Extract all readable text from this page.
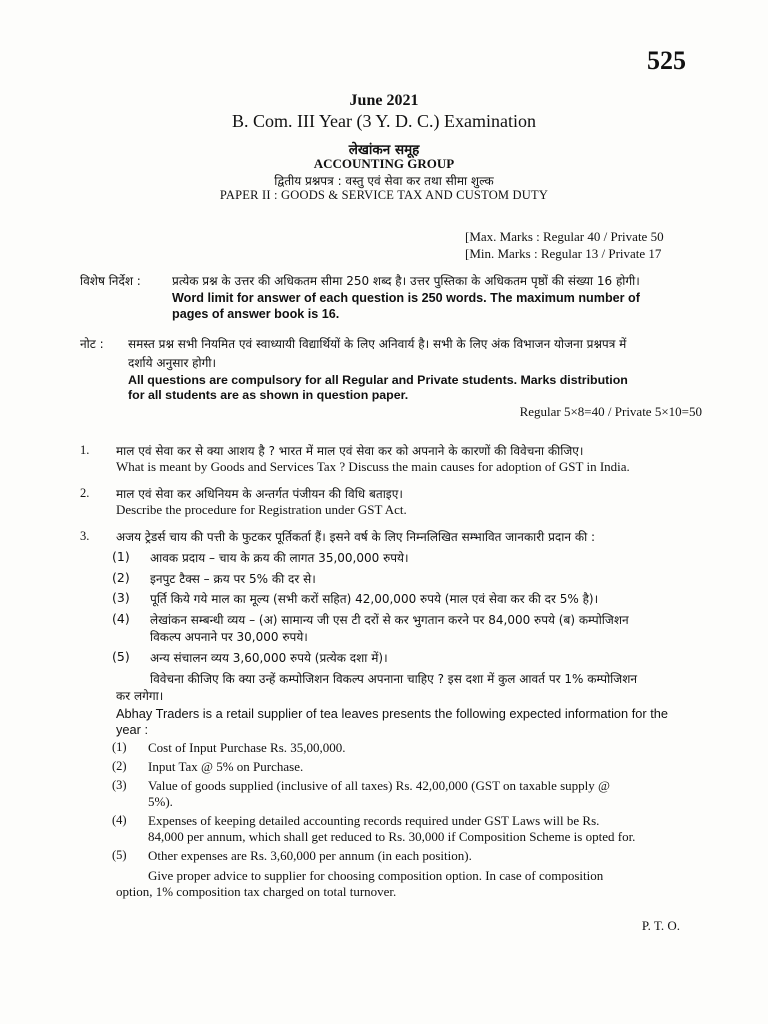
525
June 2021
B. Com. III Year (3 Y. D. C.) Examination
लेखांकन समूह
ACCOUNTING GROUP
द्वितीय प्रश्नपत्र : वस्तु एवं सेवा कर तथा सीमा शुल्क
PAPER II : GOODS & SERVICE TAX AND CUSTOM DUTY
[Max. Marks : Regular 40 / Private 50
[Min. Marks : Regular 13 / Private 17
विशेष निर्देश :	प्रत्येक प्रश्न के उत्तर की अधिकतम सीमा 250 शब्द है। उत्तर पुस्तिका के अधिकतम पृष्ठों की संख्या 16 होगी।
Word limit for answer of each question is 250 words. The maximum number of
pages of answer book is 16.
नोट : समस्त प्रश्न सभी नियमित एवं स्वाध्यायी विद्यार्थियों के लिए अनिवार्य है। सभी के लिए अंक विभाजन योजना प्रश्नपत्र में
दर्शाये अनुसार होगी।
All questions are compulsory for all Regular and Private students. Marks distribution
for all students are as shown in question paper.
Regular 5×8=40 / Private 5×10=50
1. माल एवं सेवा कर से क्या आशय है ? भारत में माल एवं सेवा कर को अपनाने के कारणों की विवेचना कीजिए।
What is meant by Goods and Services Tax ? Discuss the main causes for adoption of GST in India.
2. माल एवं सेवा कर अधिनियम के अन्तर्गत पंजीयन की विधि बताइए।
Describe the procedure for Registration under GST Act.
3. अजय ट्रेडर्स चाय की पत्ती के फुटकर पूर्तिकर्ता हैं। इसने वर्ष के लिए निम्नलिखित सम्भावित जानकारी प्रदान की :
(1) आवक प्रदाय – चाय के क्रय की लागत 35,00,000 रुपये।
(2) इनपुट टैक्स – क्रय पर 5% की दर से।
(3) पूर्ति किये गये माल का मूल्य (सभी करों सहित) 42,00,000 रुपये (माल एवं सेवा कर की दर 5% है)।
(4) लेखांकन सम्बन्धी व्यय – (अ) सामान्य जी एस टी दरों से कर भुगतान करने पर 84,000 रुपये (ब) कम्पोजिशन
विकल्प अपनाने पर 30,000 रुपये।
(5) अन्य संचालन व्यय 3,60,000 रुपये (प्रत्येक दशा में)।
विवेचना कीजिए कि क्या उन्हें कम्पोजिशन विकल्प अपनाना चाहिए ? इस दशा में कुल आवर्त पर 1% कम्पोजिशन
कर लगेगा।
Abhay Traders is a retail supplier of tea leaves presents the following expected information for the
year :
(1) Cost of Input Purchase Rs. 35,00,000.
(2) Input Tax @ 5% on Purchase.
(3) Value of goods supplied (inclusive of all taxes) Rs. 42,00,000 (GST on taxable supply @
5%).
(4) Expenses of keeping detailed accounting records required under GST Laws will be Rs.
84,000 per annum, which shall get reduced to Rs. 30,000 if Composition Scheme is opted for.
(5) Other expenses are Rs. 3,60,000 per annum (in each position).
Give proper advice to supplier for choosing composition option. In case of composition
option, 1% composition tax charged on total turnover.
P. T. O.
